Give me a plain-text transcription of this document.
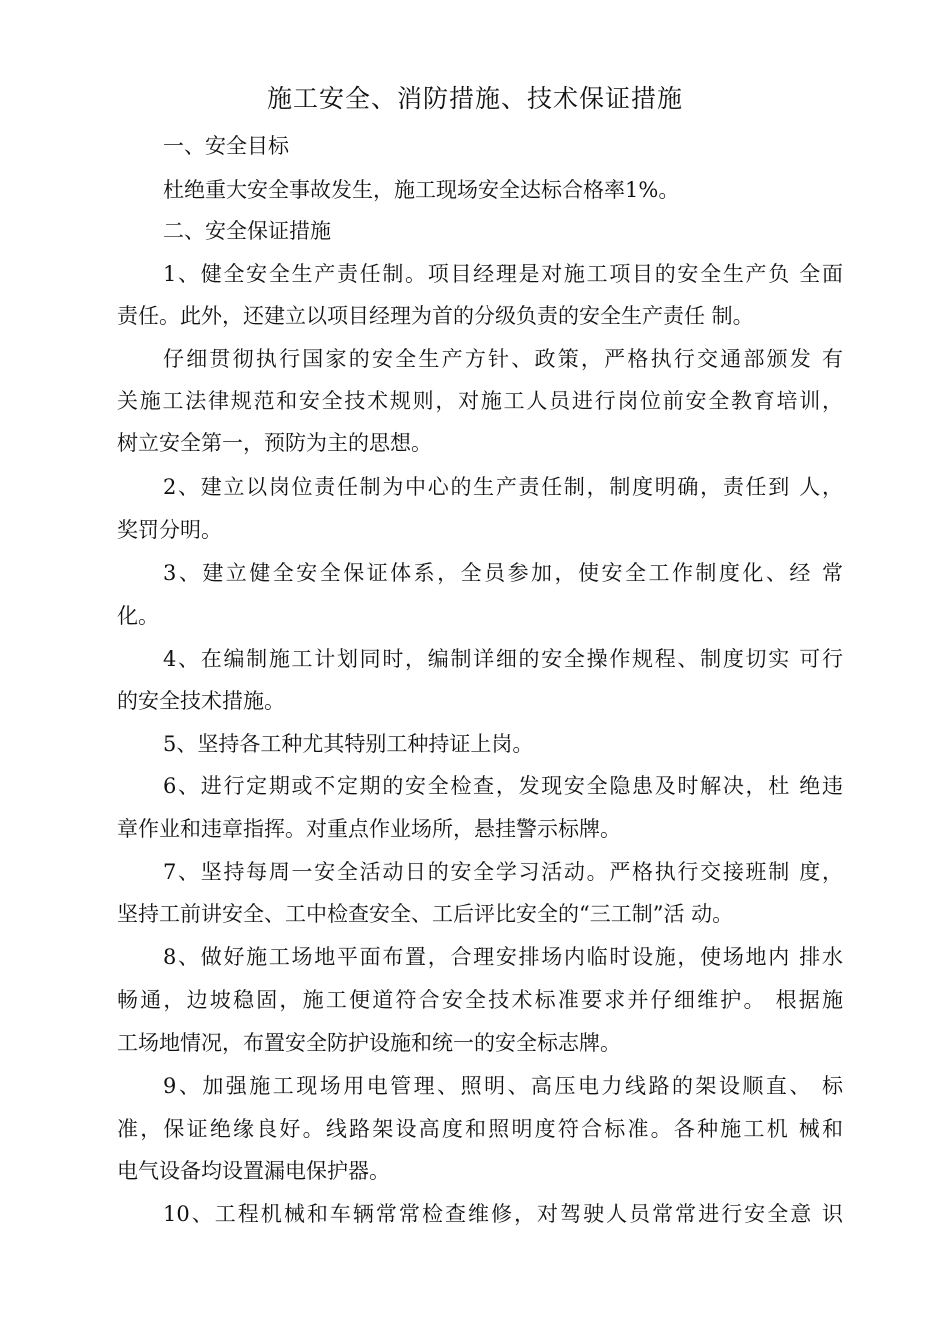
施工安全、消防措施、技术保证措施
一、安全目标
杜绝重大安全事故发生，施工现场安全达标合格率1%。
二、安全保证措施
1、健全安全生产责任制。项目经理是对施工项目的安全生产负 全面
责任。此外，还建立以项目经理为首的分级负责的安全生产责任 制。
仔细贯彻执行国家的安全生产方针、政策，严格执行交通部颁发 有
关施工法律规范和安全技术规则，对施工人员进行岗位前安全教育培训，
树立安全第一，预防为主的思想。
2、建立以岗位责任制为中心的生产责任制，制度明确，责任到 人，
奖罚分明。
3、建立健全安全保证体系，全员参加，使安全工作制度化、经 常
化。
4、在编制施工计划同时，编制详细的安全操作规程、制度切实 可行
的安全技术措施。
5、坚持各工种尤其特别工种持证上岗。
6、进行定期或不定期的安全检查，发现安全隐患及时解决，杜 绝违
章作业和违章指挥。对重点作业场所，悬挂警示标牌。
7、坚持每周一安全活动日的安全学习活动。严格执行交接班制 度，
坚持工前讲安全、工中检查安全、工后评比安全的“三工制”活 动。
8、做好施工场地平面布置，合理安排场内临时设施，使场地内 排水
畅通，边坡稳固，施工便道符合安全技术标准要求并仔细维护。 根据施
工场地情况，布置安全防护设施和统一的安全标志牌。
9、加强施工现场用电管理、照明、高压电力线路的架设顺直、 标
准，保证绝缘良好。线路架设高度和照明度符合标准。各种施工机 械和
电气设备均设置漏电保护器。
10、工程机械和车辆常常检查维修，对驾驶人员常常进行安全意 识
